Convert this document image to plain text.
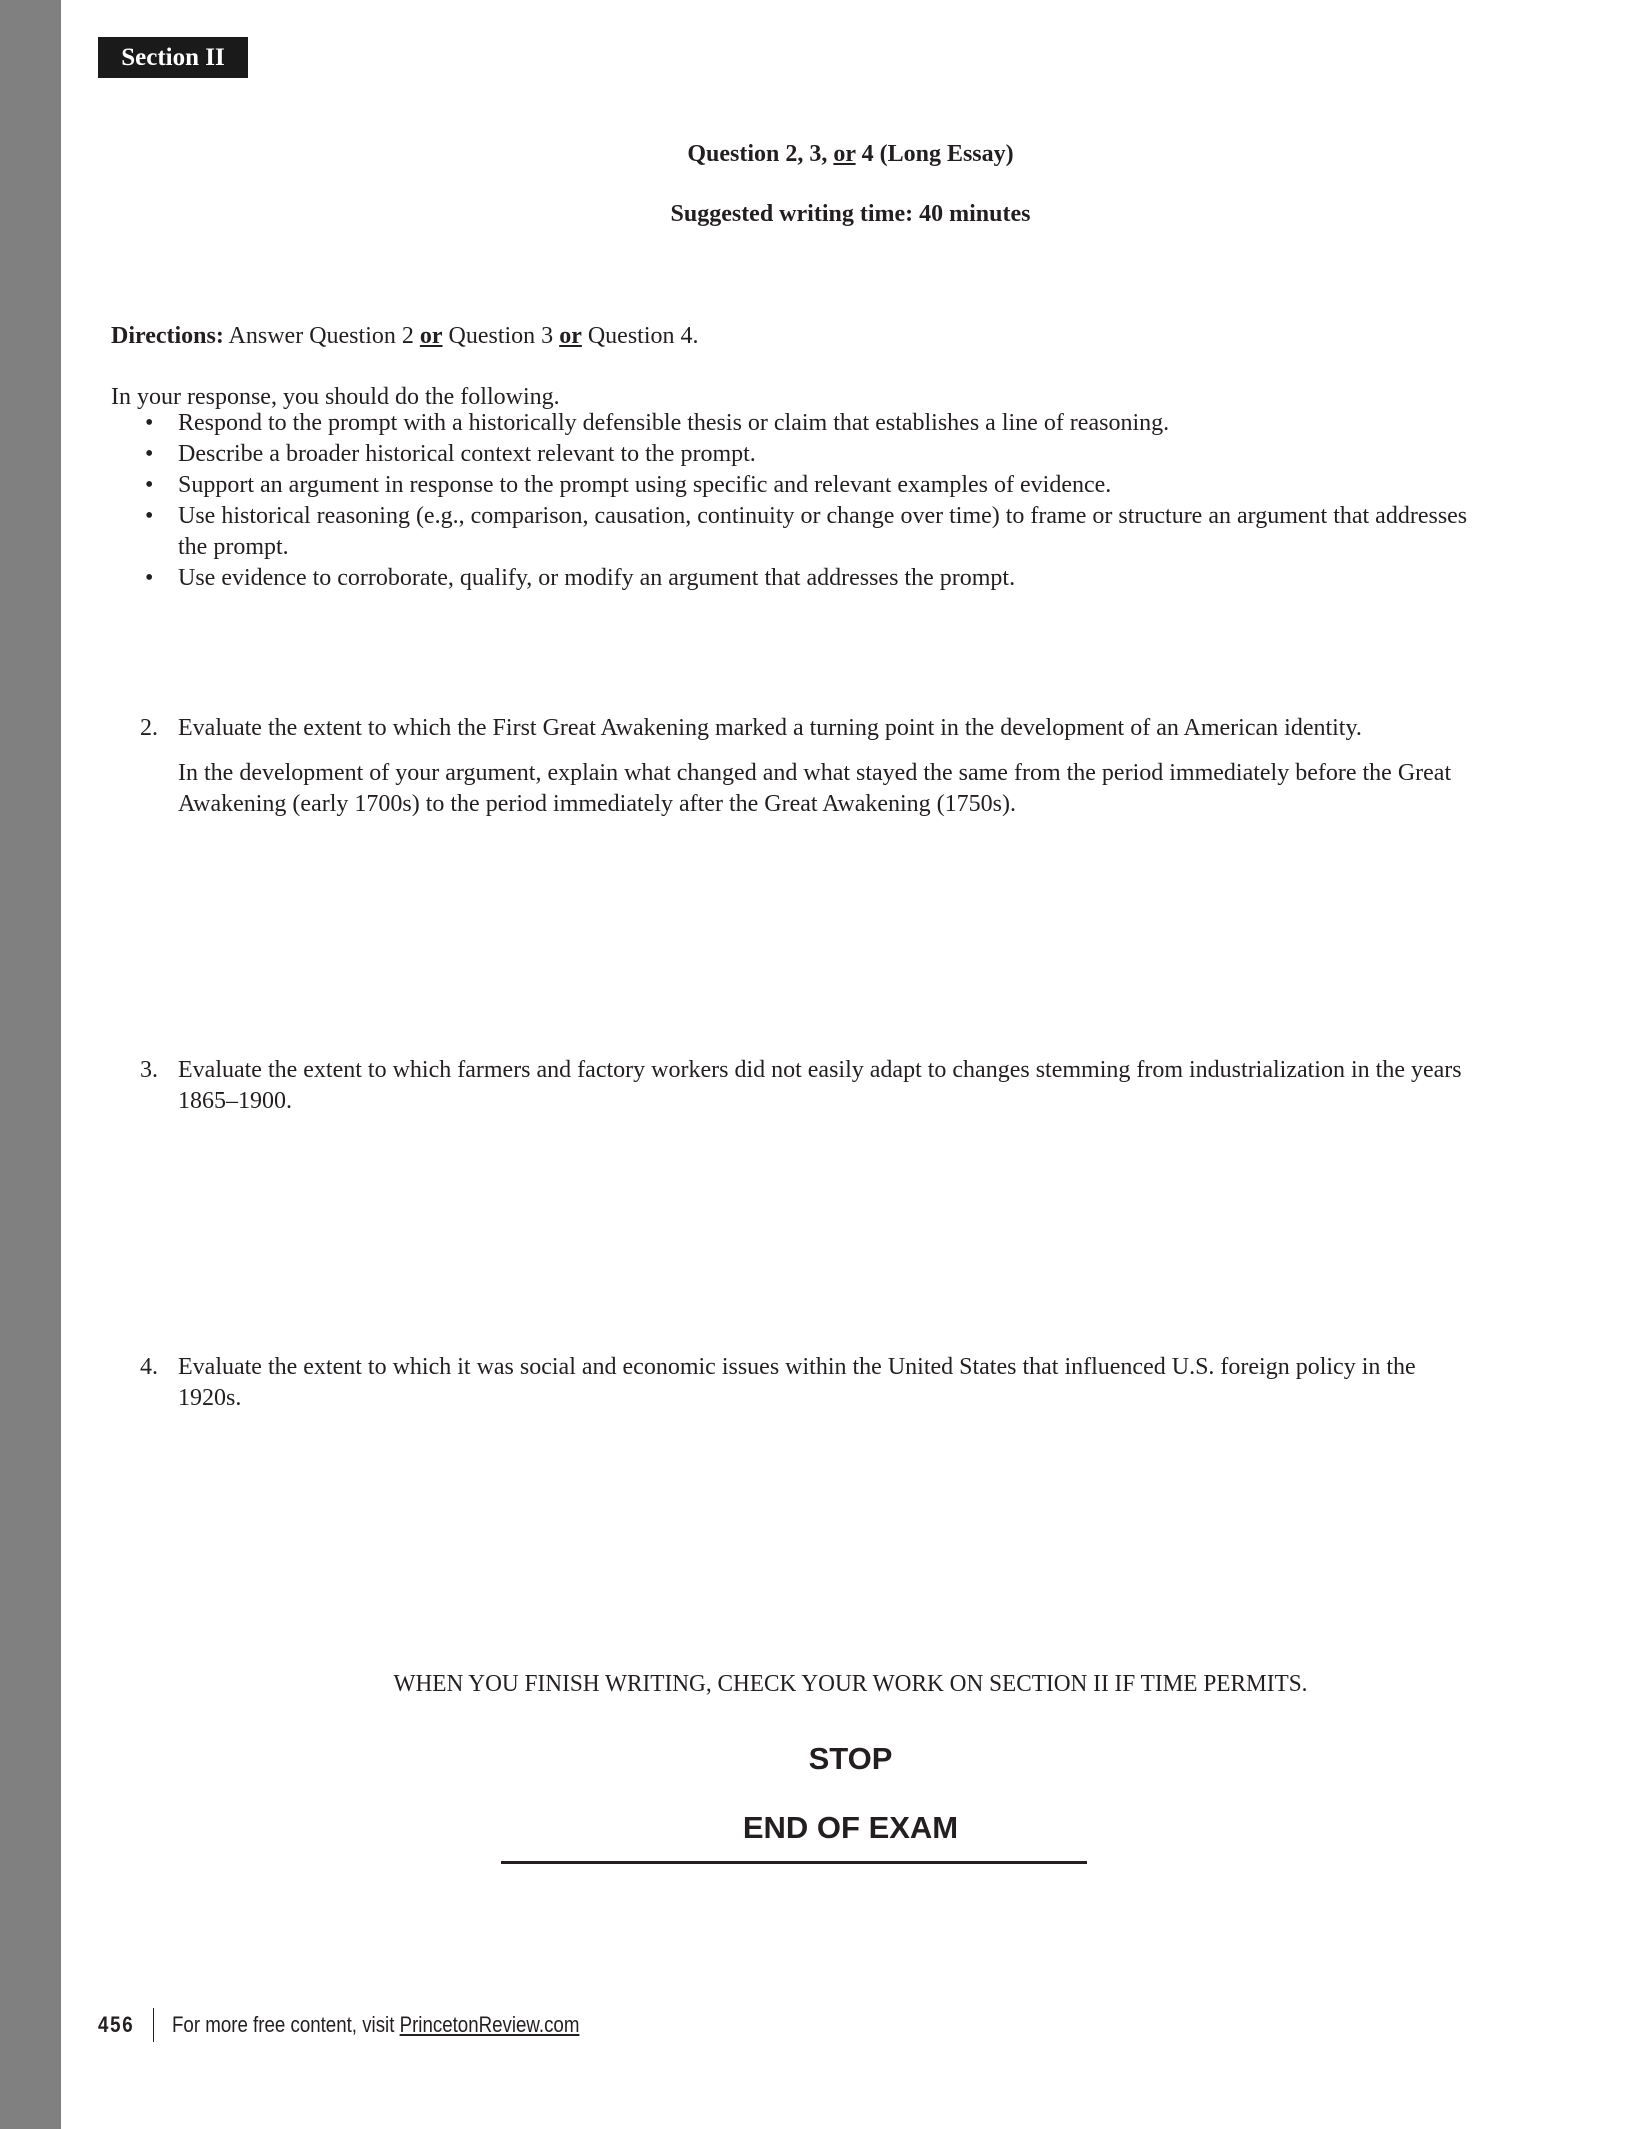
Section II
Question 2, 3, or 4 (Long Essay)
Suggested writing time: 40 minutes
Directions: Answer Question 2 or Question 3 or Question 4.
In your response, you should do the following.
• Respond to the prompt with a historically defensible thesis or claim that establishes a line of reasoning.
• Describe a broader historical context relevant to the prompt.
• Support an argument in response to the prompt using specific and relevant examples of evidence.
• Use historical reasoning (e.g., comparison, causation, continuity or change over time) to frame or structure an argument that addresses the prompt.
• Use evidence to corroborate, qualify, or modify an argument that addresses the prompt.
2. Evaluate the extent to which the First Great Awakening marked a turning point in the development of an American identity.

In the development of your argument, explain what changed and what stayed the same from the period immediately before the Great Awakening (early 1700s) to the period immediately after the Great Awakening (1750s).

3. Evaluate the extent to which farmers and factory workers did not easily adapt to changes stemming from industrialization in the years 1865–1900.

4. Evaluate the extent to which it was social and economic issues within the United States that influenced U.S. foreign policy in the 1920s.

WHEN YOU FINISH WRITING, CHECK YOUR WORK ON SECTION II IF TIME PERMITS.
STOP
END OF EXAM
456 For more free content, visit PrincetonReview.com
